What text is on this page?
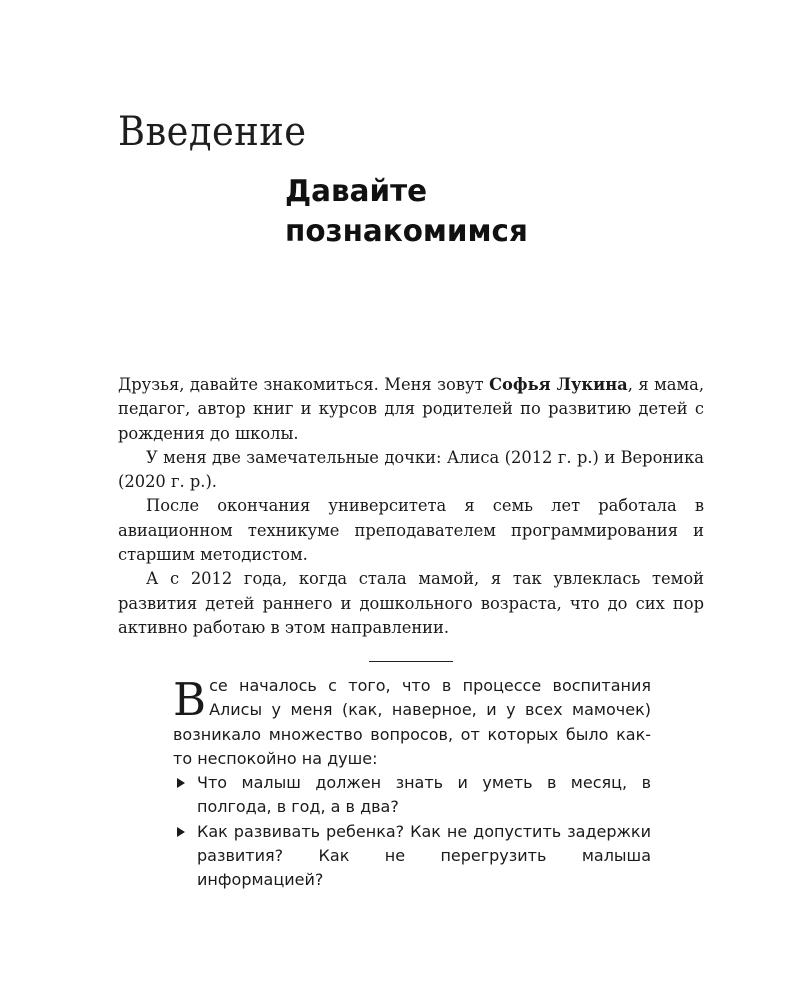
Введение
Давайте
познакомимся

Друзья, давайте знакомиться. Меня зовут Софья Лукина, я мама, педагог, автор книг и курсов для родителей по развитию детей с рождения до школы.

У меня две замечательные дочки: Алиса (2012 г. р.) и Вероника (2020 г. р.).

После окончания университета я семь лет работала в авиационном техникуме преподавателем программирования и старшим методистом.

А с 2012 года, когда стала мамой, я так увлеклась темой развития детей раннего и дошкольного возраста, что до сих пор активно работаю в этом направлении.

Все началось с того, что в процессе воспитания Алисы у меня (как, наверное, и у всех мамочек) возникало множество вопросов, от которых было как-то неспокойно на душе:

Что малыш должен знать и уметь в месяц, в полгода, в год, а в два?
Как развивать ребенка? Как не допустить задержки развития? Как не перегрузить малыша информацией?
